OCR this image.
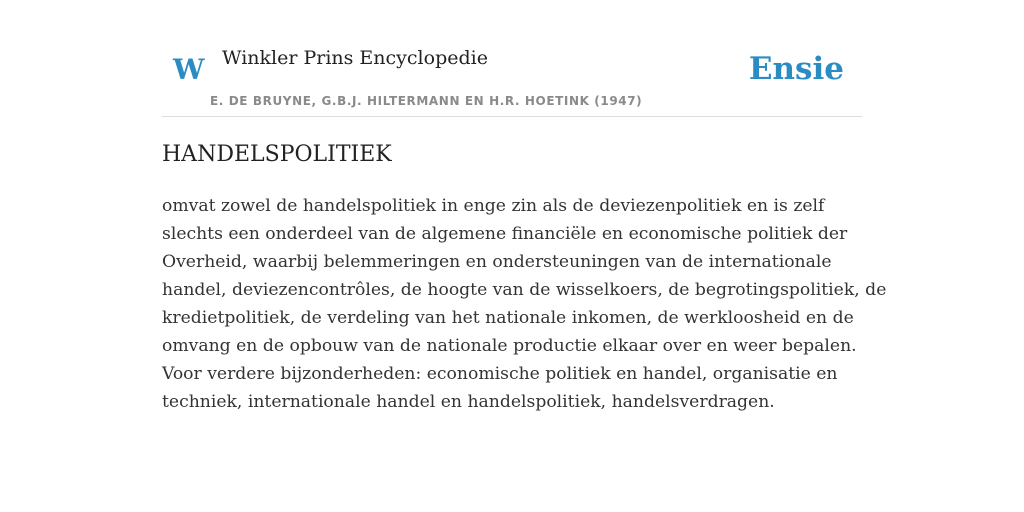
W Winkler Prins Encyclopedie
E. DE BRUYNE, G.B.J. HILTERMANN EN H.R. HOETINK (1947)
Ensie
HANDELSPOLITIEK

omvat zowel de handelspolitiek in enge zin als de deviezenpolitiek en is zelf
slechts een onderdeel van de algemene financiële en economische politiek der
Overheid, waarbij belemmeringen en ondersteuningen van de internationale
handel, deviezencontrôles, de hoogte van de wisselkoers, de begrotingspolitiek, de
kredietpolitiek, de verdeling van het nationale inkomen, de werkloosheid en de
omvang en de opbouw van de nationale productie elkaar over en weer bepalen.
Voor verdere bijzonderheden: economische politiek en handel, organisatie en
techniek, internationale handel en handelspolitiek, handelsverdragen.
